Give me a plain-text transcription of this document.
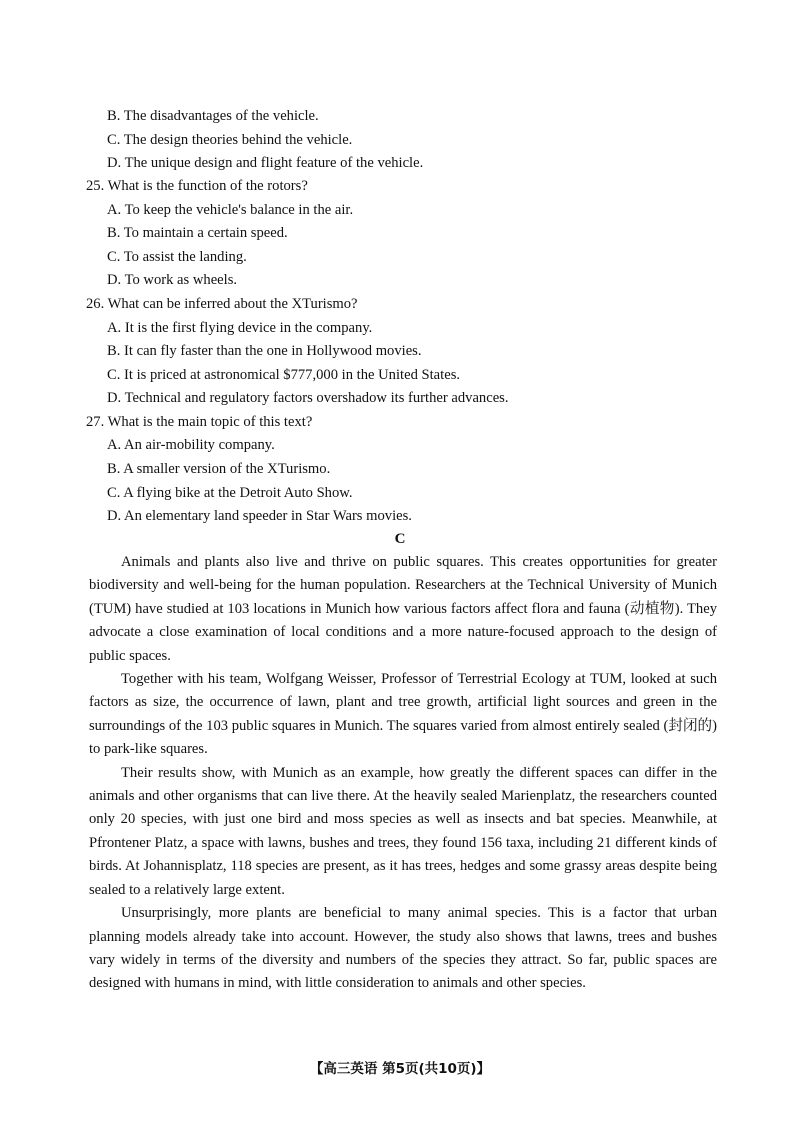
B. The disadvantages of the vehicle.
C. The design theories behind the vehicle.
D. The unique design and flight feature of the vehicle.
25. What is the function of the rotors?
A. To keep the vehicle's balance in the air.
B. To maintain a certain speed.
C. To assist the landing.
D. To work as wheels.
26. What can be inferred about the XTurismo?
A. It is the first flying device in the company.
B. It can fly faster than the one in Hollywood movies.
C. It is priced at astronomical $777,000 in the United States.
D. Technical and regulatory factors overshadow its further advances.
27. What is the main topic of this text?
A. An air-mobility company.
B. A smaller version of the XTurismo.
C. A flying bike at the Detroit Auto Show.
D. An elementary land speeder in Star Wars movies.
C

Animals and plants also live and thrive on public squares. This creates opportunities for greater biodiversity and well-being for the human population. Researchers at the Technical University of Munich (TUM) have studied at 103 locations in Munich how various factors affect flora and fauna (动植物). They advocate a close examination of local conditions and a more nature-focused approach to the design of public spaces.

Together with his team, Wolfgang Weisser, Professor of Terrestrial Ecology at TUM, looked at such factors as size, the occurrence of lawn, plant and tree growth, artificial light sources and green in the surroundings of the 103 public squares in Munich. The squares varied from almost entirely sealed (封闭的) to park-like squares.

Their results show, with Munich as an example, how greatly the different spaces can differ in the animals and other organisms that can live there. At the heavily sealed Marienplatz, the researchers counted only 20 species, with just one bird and moss species as well as insects and bat species. Meanwhile, at Pfrontener Platz, a space with lawns, bushes and trees, they found 156 taxa, including 21 different kinds of birds. At Johannisplatz, 118 species are present, as it has trees, hedges and some grassy areas despite being sealed to a relatively large extent.

Unsurprisingly, more plants are beneficial to many animal species. This is a factor that urban planning models already take into account. However, the study also shows that lawns, trees and bushes vary widely in terms of the diversity and numbers of the species they attract. So far, public spaces are designed with humans in mind, with little consideration to animals and other species.

【高三英语 第5页(共10页)】
